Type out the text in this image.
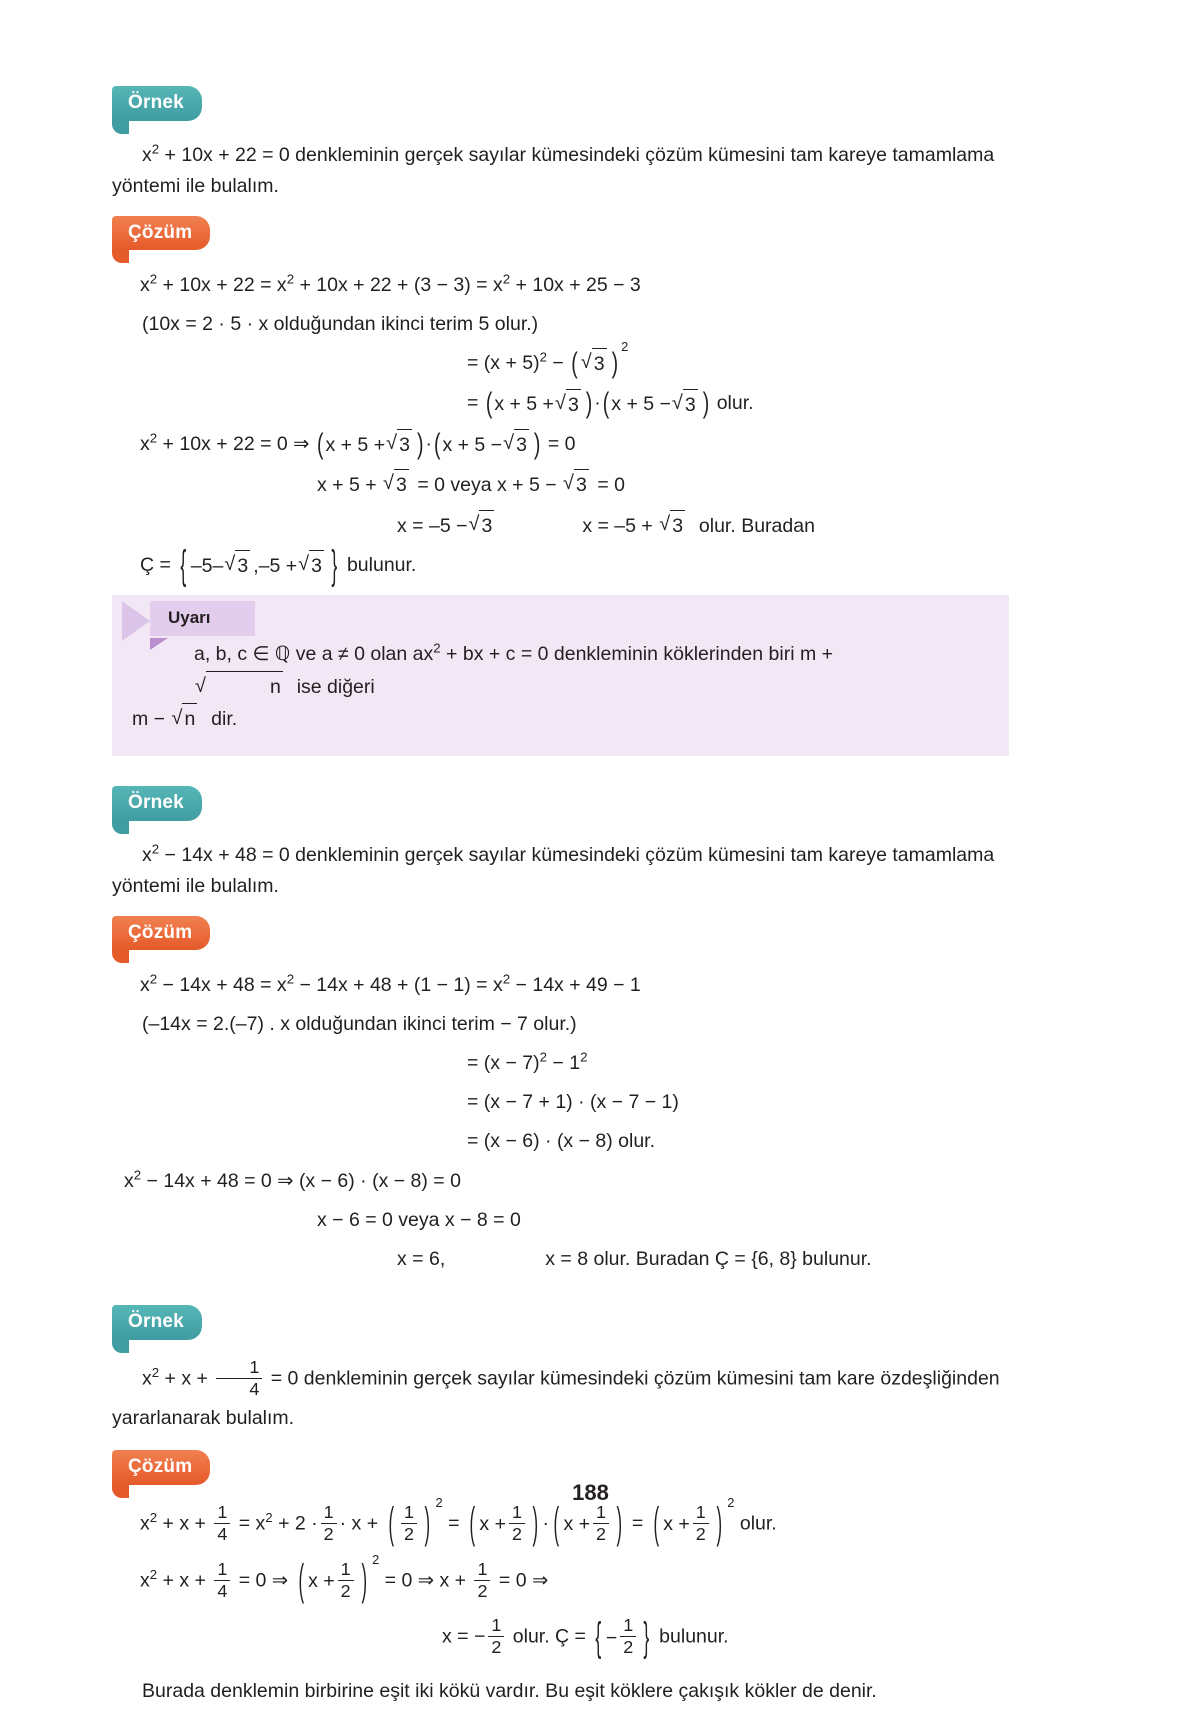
Örnek

$x^2 + 10x + 22 = 0$ denkleminin gerçek sayılar kümesindeki çözüm kümesini tam kareye tamamlama yöntemi ile bulalım.

Çözüm
$x^2 + 10x + 22 = x^2 + 10x + 22 + (3 - 3) = x^2 + 10x + 25 - 3$
(10x = 2 · 5 · x olduğundan ikinci terim 5 olur.)
= $(x + 5)^2$ − ( √ 3 )
$^2$
= ( x + 5 + √ 3 ) · ( x + 5 − √ 3 ) olur.
$x^2 + 10x + 22 = 0$ ⇒ ( x + 5 + √ 3 ) · ( x + 5 − √ 3 ) = 0
x + 5 + √ 3 = 0 veya x + 5 − √ 3 = 0
x = –5 − √ 3	x = –5 + √ 3  olur. Buradan
Ç = { –5– √ 3 ,–5 + √ 3 } bulunur.
Uyarı

a, b, c ∈ ℚ ve a ≠ 0 olan $ax^2$ + bx + c = 0 denkleminin köklerinden biri m + √ n  ise diğeri

m − √ n  dir.

Örnek

$x^2 - 14x + 48 = 0$ denkleminin gerçek sayılar kümesindeki çözüm kümesini tam kareye tamamlama yöntemi ile bulalım.

Çözüm
$x^2 - 14x + 48 = x^2 - 14x + 48 + (1 - 1) = x^2 - 14x + 49 - 1$
(–14x = 2.(–7) . x olduğundan ikinci terim − 7 olur.)
= $(x - 7)^2 - 1^2$
= (x − 7 + 1) · (x − 7 − 1)
= (x − 6) · (x − 8) olur.
$x^2 - 14x + 48 = 0$ ⇒ (x − 6) · (x − 8) = 0
x − 6 = 0 veya x − 8 = 0
x = 6,	x = 8 olur. Buradan Ç = {6, 8} bulunur.
Örnek

$x^2 + x + \frac{1}{4} = 0$ denkleminin gerçek sayılar kümesindeki çözüm kümesini tam kare özdeşliğinden yararlanarak bulalım.

Çözüm
$x^2 + x + \frac{1}{4} = x^2 + 2 \cdot \frac{1}{2} \cdot x$ + ( $\frac{1}{2}$ ) $^2$ = ( $x + \frac{1}{2}$ ) · ( $x + \frac{1}{2}$ ) = ( $x + \frac{1}{2}$ ) $^2$ olur.
$x^2 + x + \frac{1}{4} = 0$ ⇒ ( $x + \frac{1}{2}$ ) $^2$ = 0 ⇒ $x + \frac{1}{2} = 0$ ⇒
x = − $\frac{1}{2}$ olur. Ç = { − $\frac{1}{2}$ } bulunur.

Burada denklemin birbirine eşit iki kökü vardır. Bu eşit köklere çakışık kökler de denir.

188
